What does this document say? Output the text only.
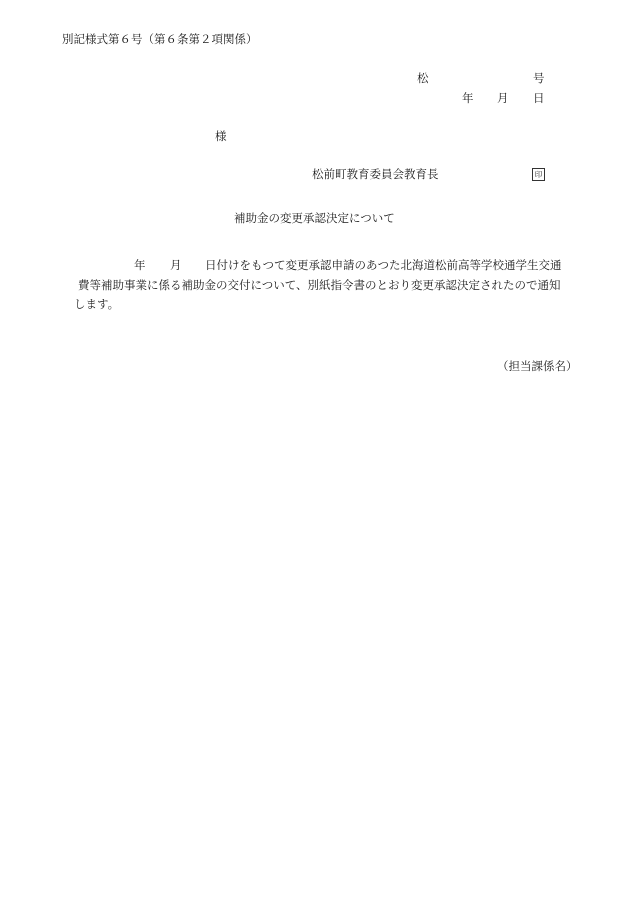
別記様式第６号（第６条第２項関係）
松	号
年 月 日
様
松前町教育委員会教育長	印
補助金の変更承認決定について
年 月 日付けをもつて変更承認申請のあつた北海道松前高等学校通学生交通
費等補助事業に係る補助金の交付について、別紙指令書のとおり変更承認決定されたので通知
します。
（担当課係名）
